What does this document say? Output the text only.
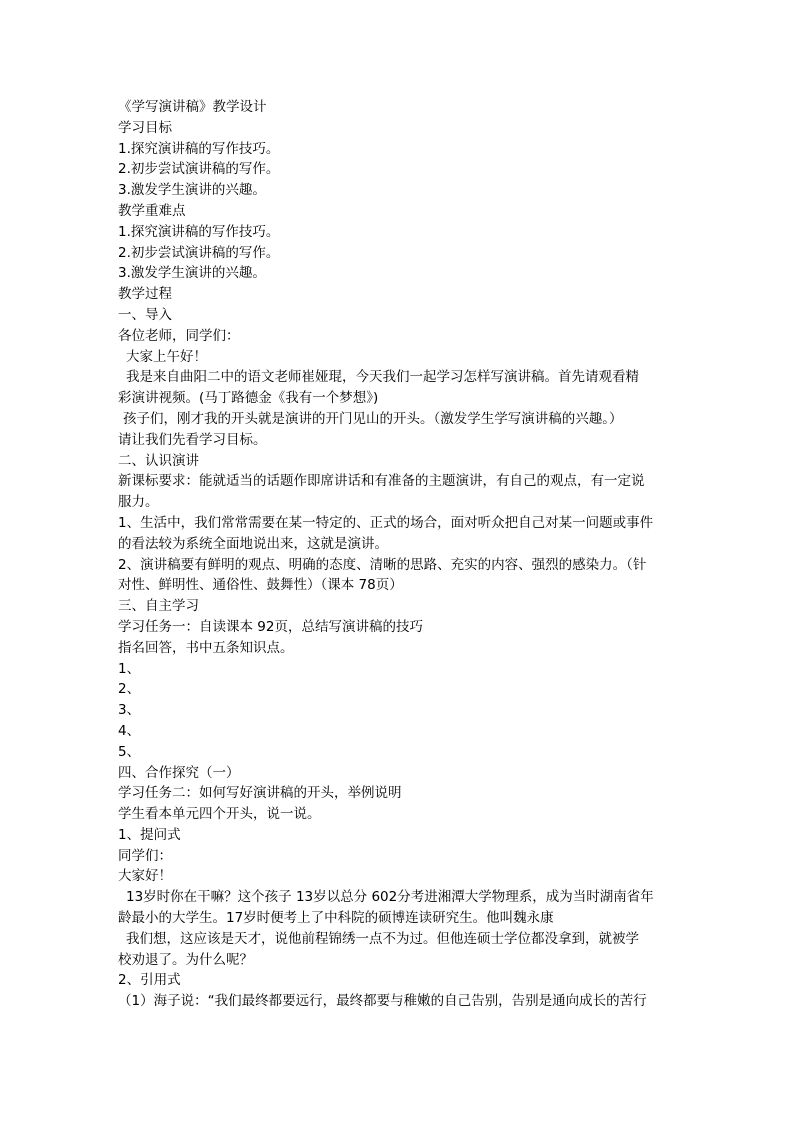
《学写演讲稿》教学设计
学习目标
1.探究演讲稿的写作技巧。
2.初步尝试演讲稿的写作。
3.激发学生演讲的兴趣。
教学重难点
1.探究演讲稿的写作技巧。
2.初步尝试演讲稿的写作。
3.激发学生演讲的兴趣。
教学过程
一、导入
各位老师，同学们：
大家上午好！
我是来自曲阳二中的语文老师崔娅琨，今天我们一起学习怎样写演讲稿。首先请观看精
彩演讲视频。(马丁路德金《我有一个梦想》)
孩子们，刚才我的开头就是演讲的开门见山的开头。（激发学生学写演讲稿的兴趣。）
请让我们先看学习目标。
二、认识演讲
新课标要求：能就适当的话题作即席讲话和有准备的主题演讲，有自己的观点，有一定说
服力。
1、生活中，我们常常需要在某一特定的、正式的场合，面对听众把自己对某一问题或事件
的看法较为系统全面地说出来，这就是演讲。
2、演讲稿要有鲜明的观点、明确的态度、清晰的思路、充实的内容、强烈的感染力。（针
对性、鲜明性、通俗性、鼓舞性）（课本 78页）
三、自主学习
学习任务一：自读课本 92页，总结写演讲稿的技巧
指名回答，书中五条知识点。
1、
2、
3、
4、
5、
四、合作探究（一）
学习任务二：如何写好演讲稿的开头，举例说明
学生看本单元四个开头，说一说。
1、提问式
同学们：
大家好！
13岁时你在干嘛？这个孩子 13岁以总分 602分考进湘潭大学物理系，成为当时湖南省年
龄最小的大学生。17岁时便考上了中科院的硕博连读研究生。他叫魏永康
我们想，这应该是天才，说他前程锦绣一点不为过。但他连硕士学位都没拿到，就被学
校劝退了。为什么呢？
2、引用式
（1）海子说：“我们最终都要远行，最终都要与稚嫩的自己告别，告别是通向成长的苦行
